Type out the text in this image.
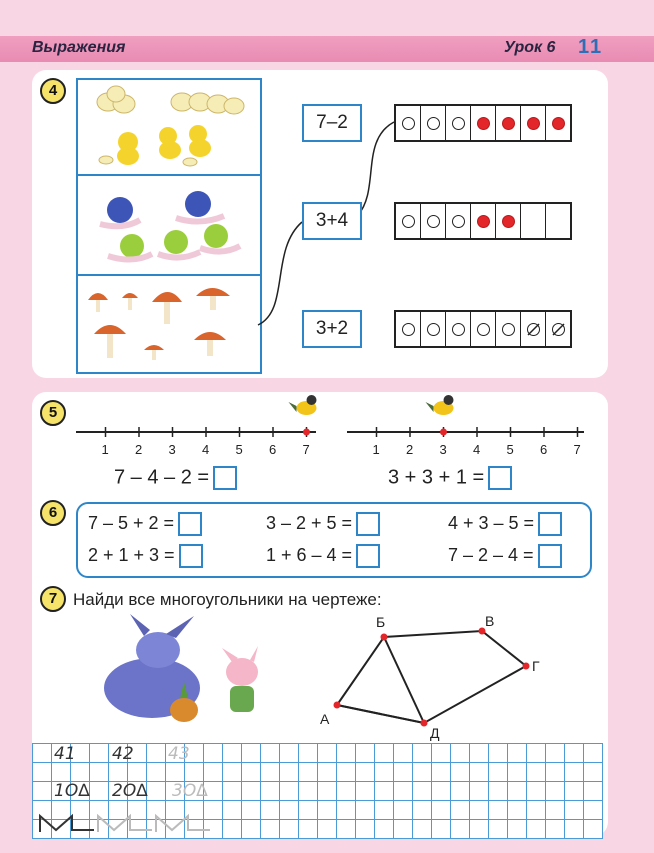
Выражения	Урок 6 11
4
7–2
3+4
3+2
5
1 2 3 4 5 6 7	1 2 3 4 5 6 7
7 – 4 – 2 =	3 + 3 + 1 =
6
7 – 5 + 2 =	3 – 2 + 5 =	4 + 3 – 5 =
2 + 1 + 3 =	1 + 6 – 4 =	7 – 2 – 4 =
7 Найди все многоугольники на чертеже:
А
Б	В
Г
Д
41 42 43
1О∆ 2О∆ 3О∆
